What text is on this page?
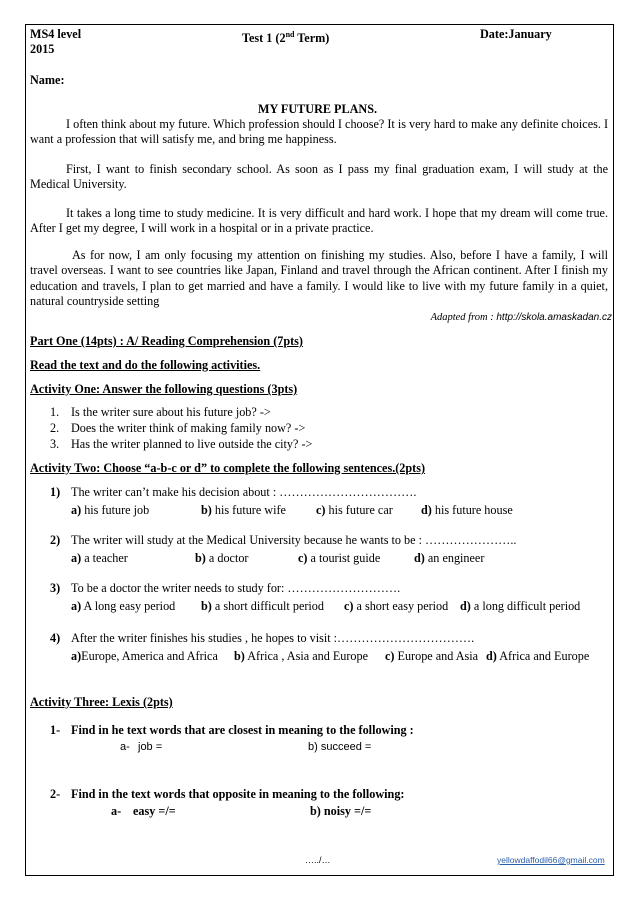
MS4 level	Test 1 (2nd Term)	Date:January
2015
Name:
MY FUTURE PLANS.

I often think about my future. Which profession should I choose? It is very hard to make any definite choices. I want a profession that will satisfy me, and bring me happiness.

First, I want to finish secondary school. As soon as I pass my final graduation exam, I will study at the Medical University.

It takes a long time to study medicine. It is very difficult and hard work. I hope that my dream will come true. After I get my degree, I will work in a hospital or in a private practice.

As for now, I am only focusing my attention on finishing my studies. Also, before I have a family, I will travel overseas. I want to see countries like Japan, Finland and travel through the African continent. After I finish my education and travels, I plan to get married and have a family. I would like to live with my future family in a quiet, natural countryside setting

Adapted from : http://skola.amaskadan.cz
Part One (14pts) : A/ Reading Comprehension (7pts)
Read the text and do the following activities.
Activity One: Answer the following questions (3pts)
1. Is the writer sure about his future job? ->
2. Does the writer think of making family now? ->
3. Has the writer planned to live outside the city? ->
Activity Two: Choose “a-b-c or d” to complete the following sentences.(2pts)
1) The writer can’t make his decision about : …………………………….
a) his future job	b) his future wife c) his future car d) his future house
2) The writer will study at the Medical University because he wants to be : …………………..
a) a teacher	b) a doctor	c) a tourist guide	d) an engineer
3) To be a doctor the writer needs to study for: ……………………….
a) A long easy period b) a short difficult period c) a short easy period d) a long difficult period
4) After the writer finishes his studies , he hopes to visit :…………………………….
a)Europe, America and Africa b) Africa , Asia and Europe c) Europe and Asia d) Africa and Europe
Activity Three: Lexis (2pts)
1- Find in he text words that are closest in meaning to the following :
a- job =	b) succeed =
2- Find in the text words that opposite in meaning to the following:
a- easy =/=	b) noisy =/=
…../…	yellowdaffodil66@gmail.com
